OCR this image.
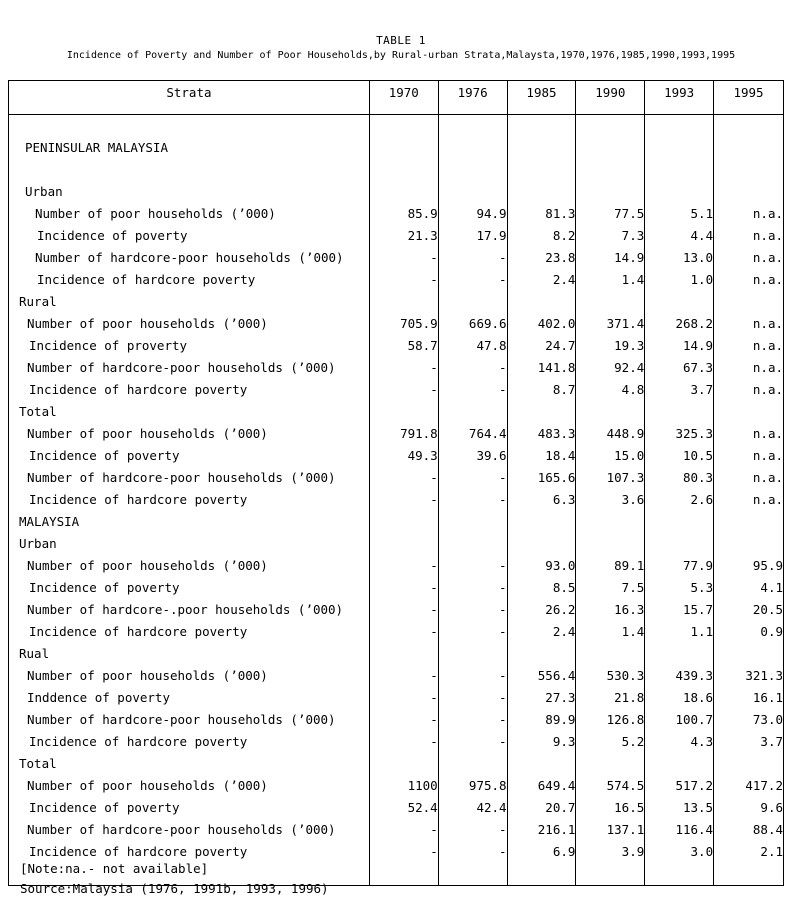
TABLE 1
Incidence of Poverty and Number of Poor Households,by Rural-urban Strata,Malaysta,1970,1976,1985,1990,1993,1995
Strata	1970	1976	1985	1990	1993	1995

PENINSULAR MALAYSIA						

Urban						
Number of poor households (’000)	85.9	94.9	81.3	77.5	5.1	n.a.
Incidence of poverty	21.3	17.9	8.2	7.3	4.4	n.a.
Number of hardcore-poor households (’000)	-	-	23.8	14.9	13.0	n.a.
Incidence of hardcore poverty	-	-	2.4	1.4	1.0	n.a.
Rural						
Number of poor households (’000)	705.9	669.6	402.0	371.4	268.2	n.a.
Incidence of proverty	58.7	47.8	24.7	19.3	14.9	n.a.
Number of hardcore-poor households (’000)	-	-	141.8	92.4	67.3	n.a.
Incidence of hardcore poverty	-	-	8.7	4.8	3.7	n.a.
Total						
Number of poor households (’000)	791.8	764.4	483.3	448.9	325.3	n.a.
Incidence of poverty	49.3	39.6	18.4	15.0	10.5	n.a.
Number of hardcore-poor households (’000)	-	-	165.6	107.3	80.3	n.a.
Incidence of hardcore poverty	-	-	6.3	3.6	2.6	n.a.
MALAYSIA						
Urban						
Number of poor households (’000)	-	-	93.0	89.1	77.9	95.9
Incidence of poverty	-	-	8.5	7.5	5.3	4.1
Number of hardcore-.poor households (’000)	-	-	26.2	16.3	15.7	20.5
Incidence of hardcore poverty	-	-	2.4	1.4	1.1	0.9
Rual						
Number of poor households (’000)	-	-	556.4	530.3	439.3	321.3
Inddence of poverty	-	-	27.3	21.8	18.6	16.1
Number of hardcore-poor households (’000)	-	-	89.9	126.8	100.7	73.0
Incidence of hardcore poverty	-	-	9.3	5.2	4.3	3.7
Total						
Number of poor households (’000)	1100	975.8	649.4	574.5	517.2	417.2
Incidence of poverty	52.4	42.4	20.7	16.5	13.5	9.6
Number of hardcore-poor households (’000)	-	-	216.1	137.1	116.4	88.4
Incidence of hardcore poverty	-	-	6.9	3.9	3.0	2.1

[Note:na.- not available]
Source:Malaysia (1976, 1991b, 1993, 1996)
